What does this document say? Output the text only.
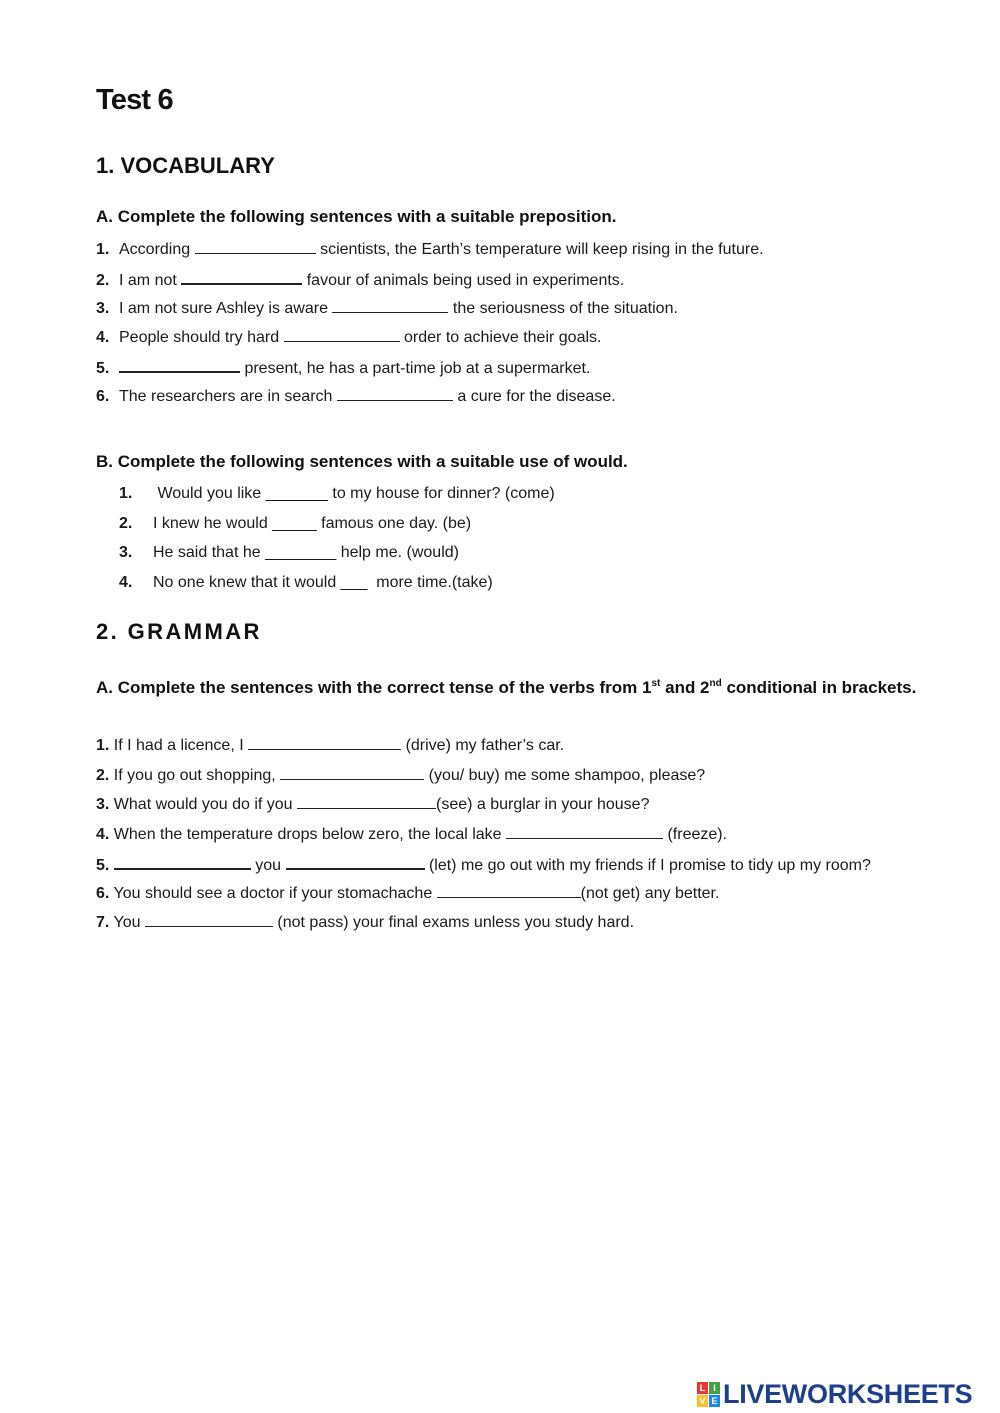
Test 6
1. VOCABULARY

A. Complete the following sentences with a suitable preposition.

1. According	scientists, the Earth’s temperature will keep rising in the future.
2. I am not	favour of animals being used in experiments.
3. I am not sure Ashley is aware	the seriousness of the situation.
4. People should try hard	order to achieve their goals.
5.	present, he has a part-time job at a supermarket.
6. The researchers are in search	a cure for the disease.

B. Complete the following sentences with a suitable use of would.

1. Would you like _______ to my house for dinner? (come)
2. I knew he would _____ famous one day. (be)
3. He said that he ________ help me. (would)
4. No one knew that it would ___  more time.(take)
2. GRAMMAR

A. Complete the sentences with the correct tense of the verbs from 1st and 2nd conditional in brackets.

1. If I had a licence, I	(drive) my father’s car.
2. If you go out shopping,	(you/ buy) me some shampoo, please?
3. What would you do if you	(see) a burglar in your house?
4. When the temperature drops below zero, the local lake	(freeze).
5.	you	(let) me go out with my friends if I promise to tidy up my room?
6. You should see a doctor if your stomachache	(not get) any better.
7. You	(not pass) your final exams unless you study hard.
L I
V E LIVEWORKSHEETS
